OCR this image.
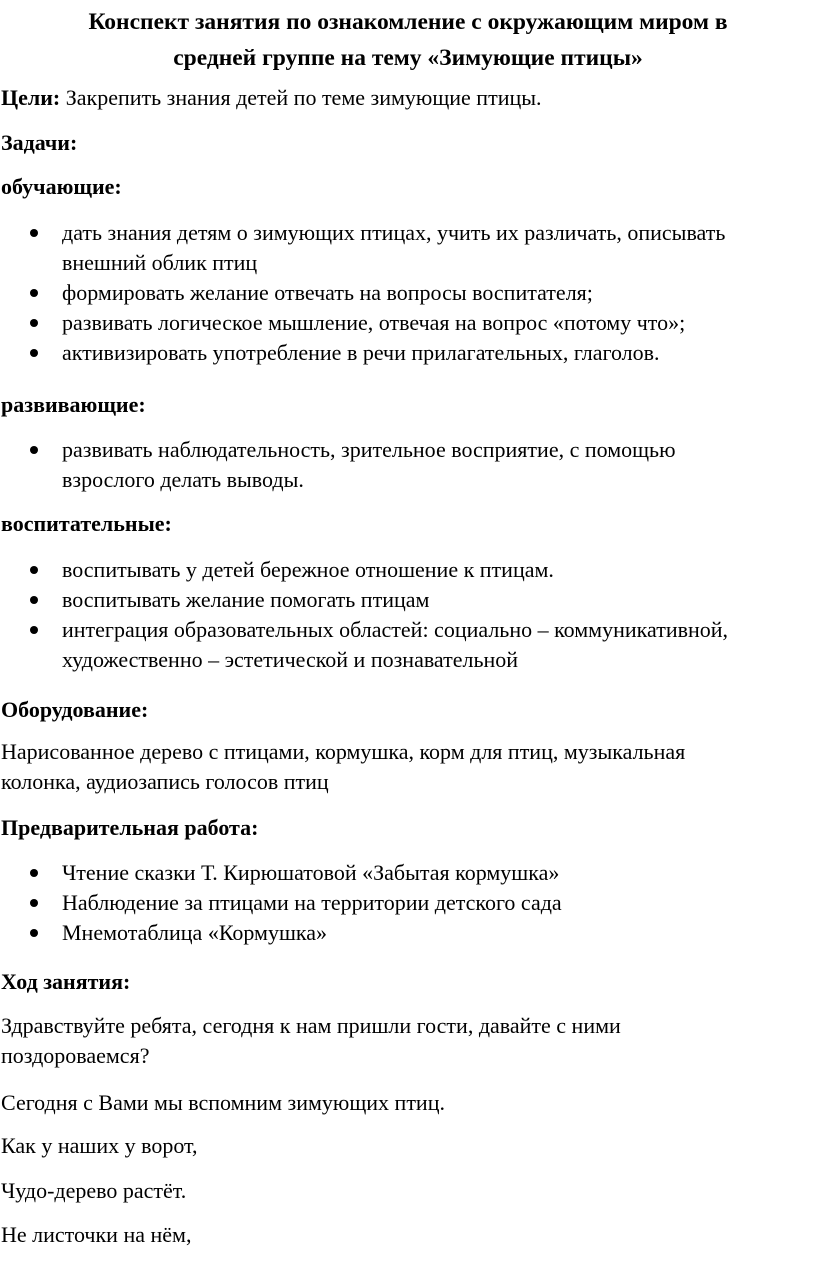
Конспект занятия по ознакомление с окружающим миром в
средней группе на тему «Зимующие птицы»
Цели: Закрепить знания детей по теме зимующие птицы.
Задачи:
обучающие:
дать знания детям о зимующих птицах, учить их различать, описывать
внешний облик птиц
формировать желание отвечать на вопросы воспитателя;
развивать логическое мышление, отвечая на вопрос «потому что»;
активизировать употребление в речи прилагательных, глаголов.
развивающие:
развивать наблюдательность, зрительное восприятие, с помощью
взрослого делать выводы.
воспитательные:
воспитывать у детей бережное отношение к птицам.
воспитывать желание помогать птицам
интеграция образовательных областей: социально – коммуникативной,
художественно – эстетической и познавательной
Оборудование:
Нарисованное дерево с птицами, кормушка, корм для птиц, музыкальная
колонка, аудиозапись голосов птиц
Предварительная работа:
Чтение сказки Т. Кирюшатовой «Забытая кормушка»
Наблюдение за птицами на территории детского сада
Мнемотаблица «Кормушка»
Ход занятия:
Здравствуйте ребята, сегодня к нам пришли гости, давайте с ними
поздороваемся?
Сегодня с Вами мы вспомним зимующих птиц.
Как у наших у ворот,
Чудо-дерево растёт.
Не листочки на нём,
